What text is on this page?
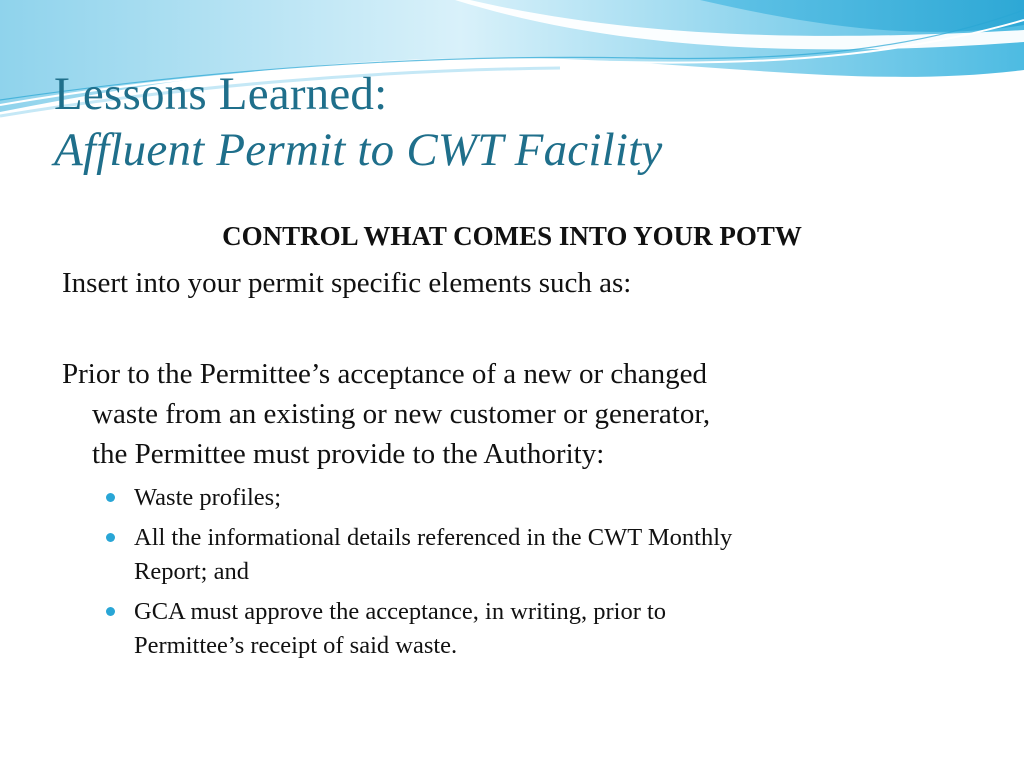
Lessons Learned:
Affluent Permit to CWT Facility
CONTROL WHAT COMES INTO YOUR POTW
Insert into your permit specific elements such as:
Prior to the Permittee’s acceptance of a new or changed
waste from an existing or new customer or generator,
the Permittee must provide to the Authority:
Waste profiles;
All the informational details referenced in the CWT Monthly
Report; and
GCA must approve the acceptance, in writing, prior to
Permittee’s receipt of said waste.
